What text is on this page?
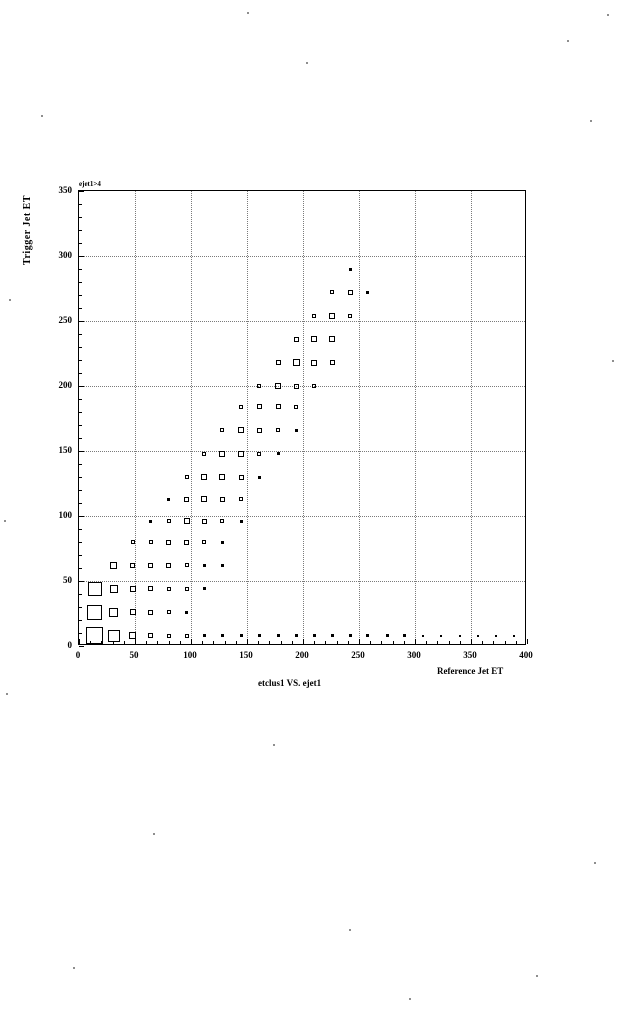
ejet1>4
Trigger Jet ET
Reference Jet ET
etclus1 VS. ejet1
0	50	100	150	200	250	300	350	400
0
50
100
150
200
250
300
350
